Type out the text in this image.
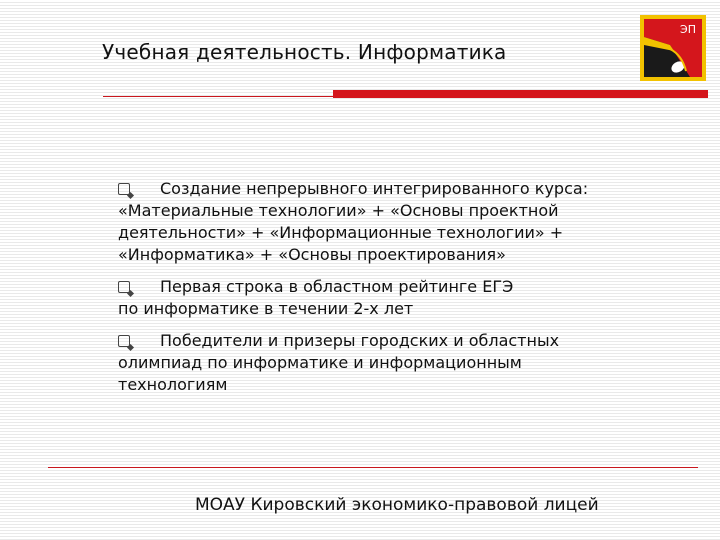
Учебная деятельность. Информатика
ЭП
Создание непрерывного интегрированного курса:
«Материальные технологии» + «Основы проектной
деятельности» + «Информационные технологии» +
«Информатика» + «Основы проектирования»
Первая строка в областном рейтинге ЕГЭ
по информатике в течении 2-х лет
Победители и призеры городских и областных
олимпиад по информатике и информационным
технологиям
МОАУ Кировский экономико-правовой лицей
